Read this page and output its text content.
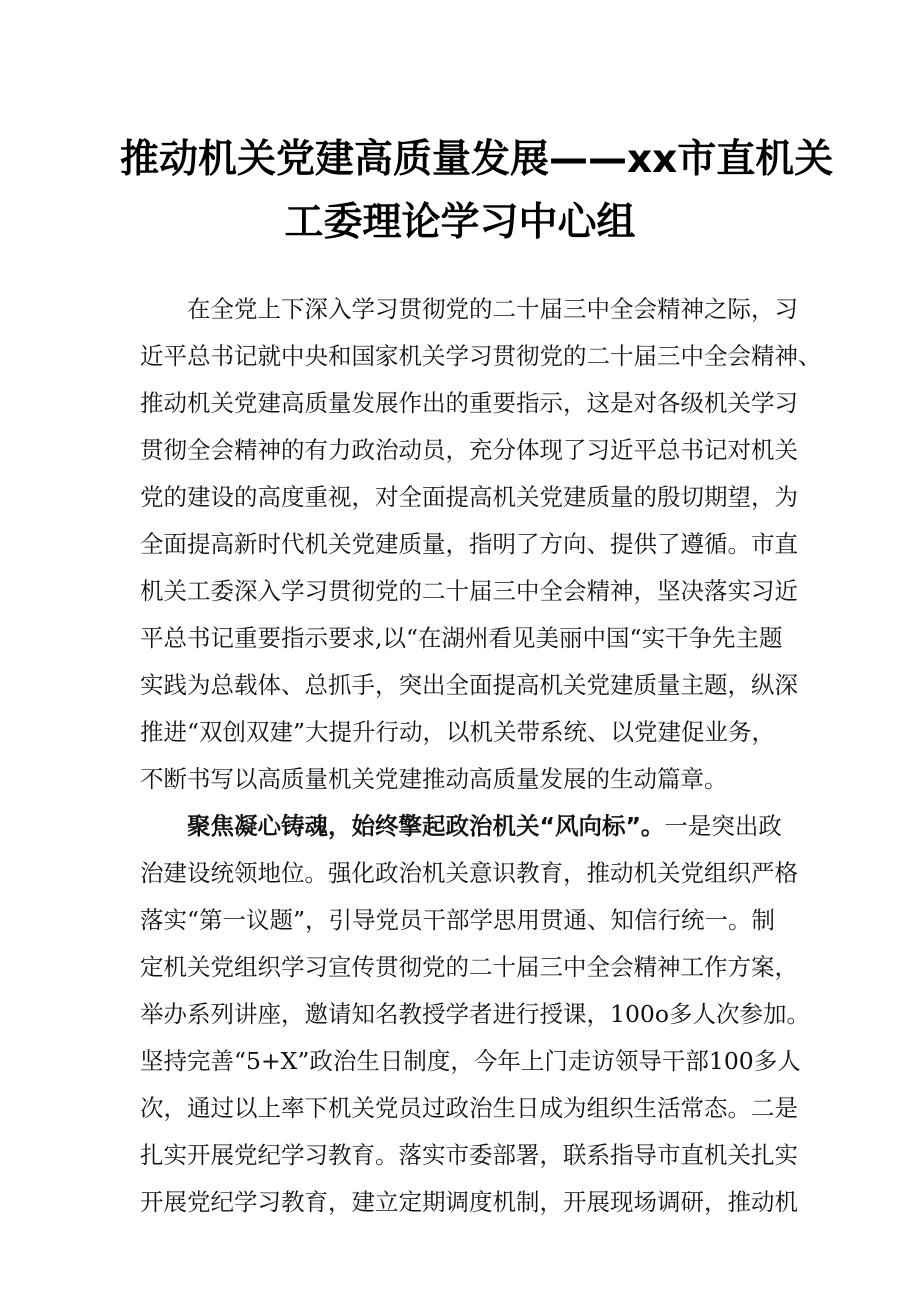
推动机关党建高质量发展——xx市直机关
工委理论学习中心组
在全党上下深入学习贯彻党的二十届三中全会精神之际，习
近平总书记就中央和国家机关学习贯彻党的二十届三中全会精神、
推动机关党建高质量发展作出的重要指示，这是对各级机关学习
贯彻全会精神的有力政治动员，充分体现了习近平总书记对机关
党的建设的高度重视，对全面提高机关党建质量的殷切期望，为
全面提高新时代机关党建质量，指明了方向、提供了遵循。市直
机关工委深入学习贯彻党的二十届三中全会精神，坚决落实习近
平总书记重要指示要求,以“在湖州看见美丽中国“实干争先主题
实践为总载体、总抓手，突出全面提高机关党建质量主题，纵深
推进“双创双建”大提升行动，以机关带系统、以党建促业务，
不断书写以高质量机关党建推动高质量发展的生动篇章。
聚焦凝心铸魂，始终擎起政治机关“风向标”。一是突出政
治建设统领地位。强化政治机关意识教育，推动机关党组织严格
落实“第一议题”，引导党员干部学思用贯通、知信行统一。制
定机关党组织学习宣传贯彻党的二十届三中全会精神工作方案，
举办系列讲座，邀请知名教授学者进行授课，100o多人次参加。
坚持完善“5+X”政治生日制度，今年上门走访领导干部100多人
次，通过以上率下机关党员过政治生日成为组织生活常态。二是
扎实开展党纪学习教育。落实市委部署，联系指导市直机关扎实
开展党纪学习教育，建立定期调度机制，开展现场调研，推动机
